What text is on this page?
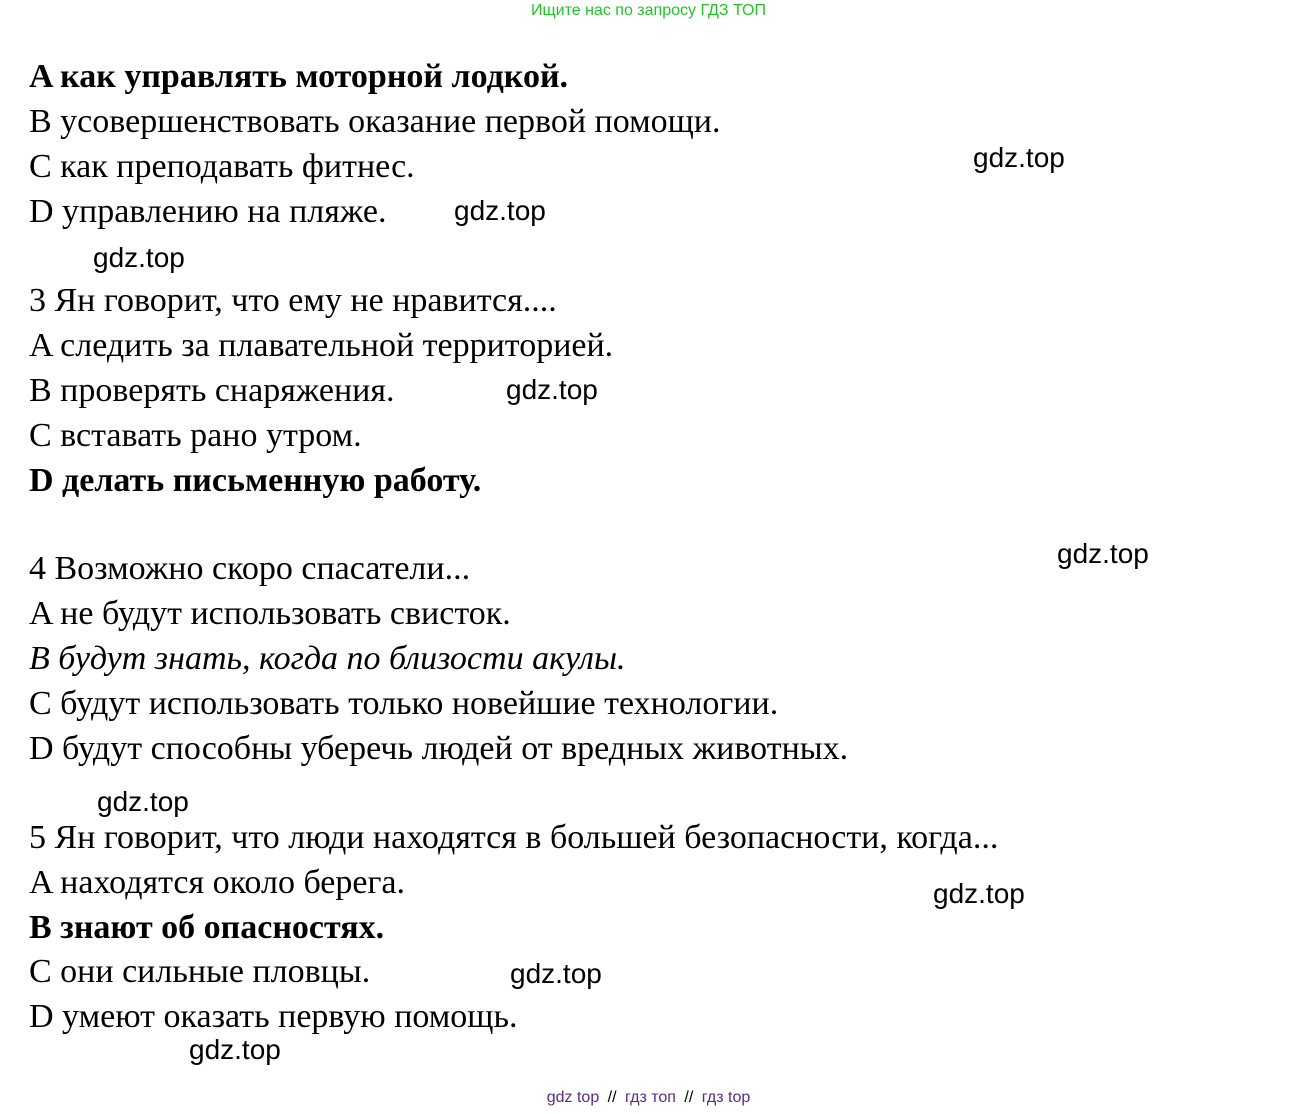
Ищите нас по запросу ГДЗ ТОП
A как управлять моторной лодкой.
B усовершенствовать оказание первой помощи.
C как преподавать фитнес.
D управлению на пляже.
3 Ян говорит, что ему не нравится....
A следить за плавательной территорией.
B проверять снаряжения.
C вставать рано утром.
D делать письменную работу.
4 Возможно скоро спасатели...
A не будут использовать свисток.
B будут знать, когда по близости акулы.
C будут использовать только новейшие технологии.
D будут способны уберечь людей от вредных животных.
5 Ян говорит, что люди находятся в большей безопасности, когда...
A находятся около берега.
B знают об опасностях.
C они сильные пловцы.
D умеют оказать первую помощь.
gdz.top
gdz.top
gdz.top
gdz.top
gdz.top
gdz.top
gdz.top
gdz.top
gdz.top
gdz top // гдз топ // гдз top
